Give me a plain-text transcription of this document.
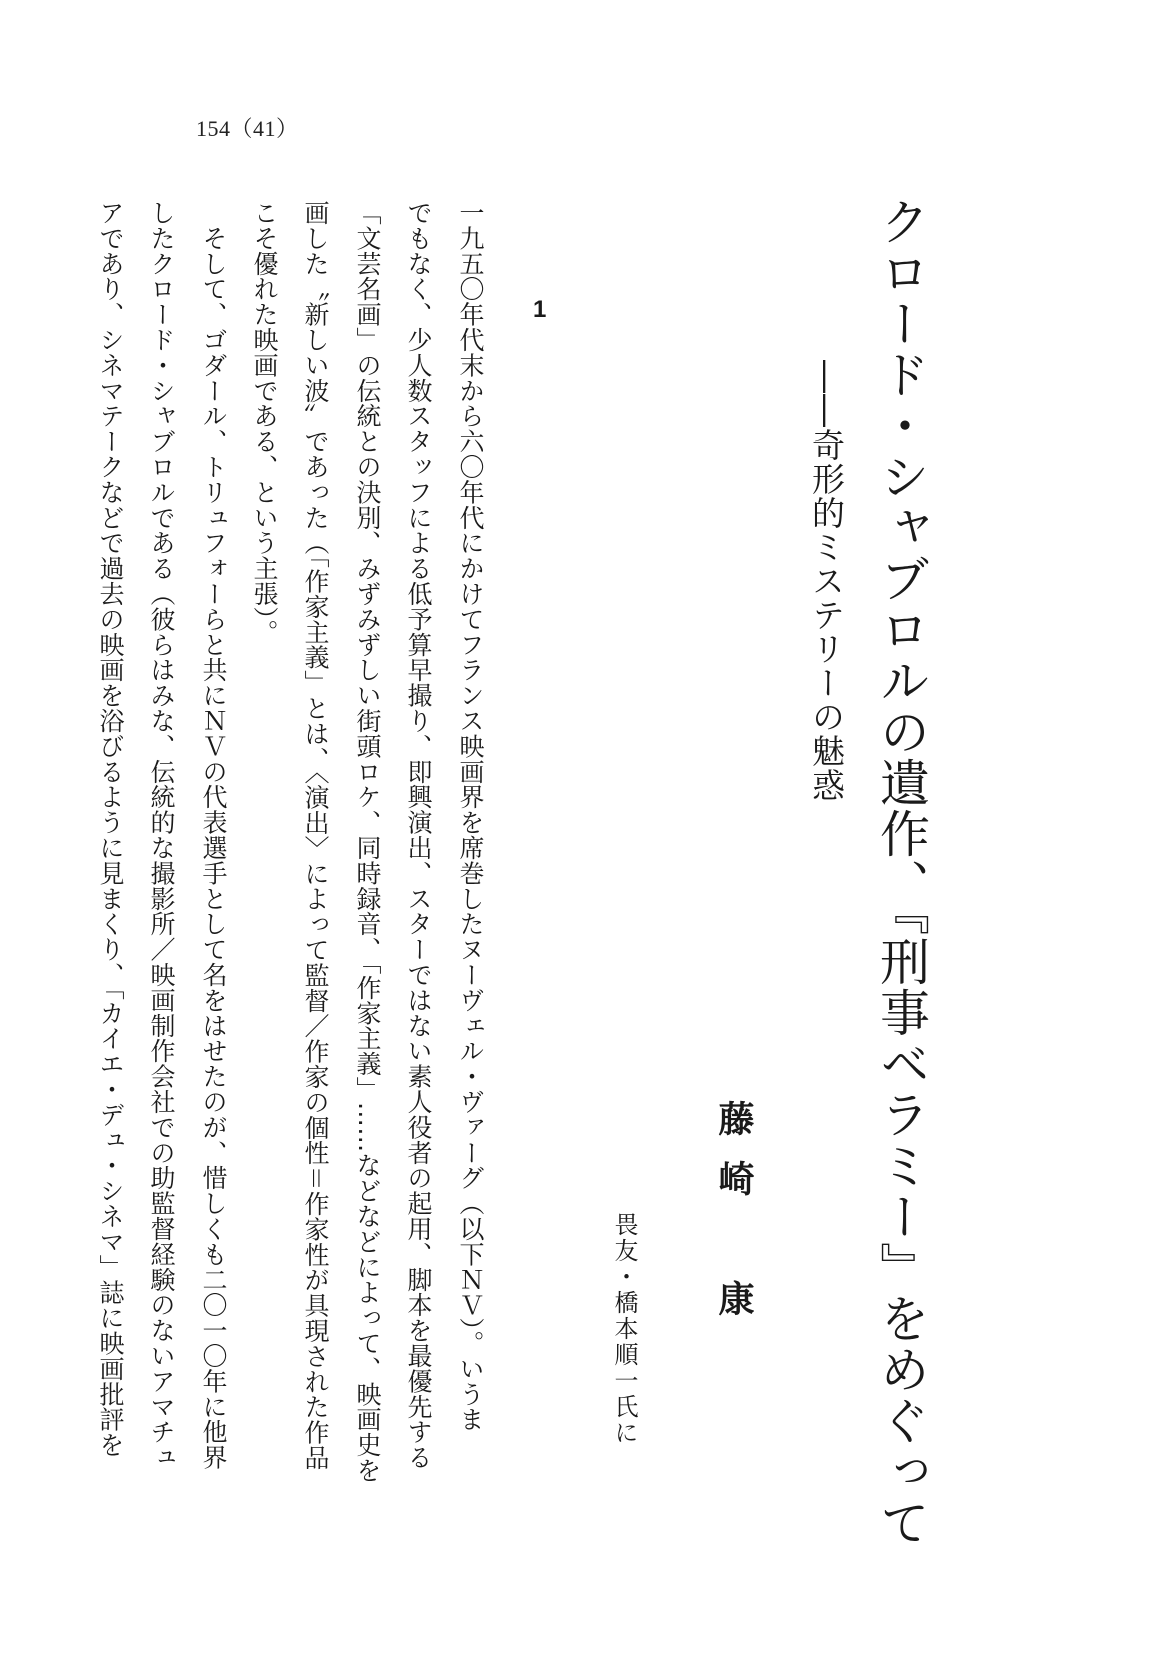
154（41）
クロード・シャブロルの遺作、『刑事ベラミー』をめぐって
――奇形的ミステリーの魅惑
藤崎　康
畏友・橋本順一氏に
1
一九五〇年代末から六〇年代にかけてフランス映画界を席巻したヌーヴェル・ヴァーグ（以下ＮＶ）。いうま
でもなく、少人数スタッフによる低予算早撮り、即興演出、スターではない素人役者の起用、脚本を最優先する
「文芸名画」の伝統との決別、みずみずしい街頭ロケ、同時録音、「作家主義」……などなどによって、映画史を
画した〝新しい波〟であった（「作家主義」とは、〈演出〉によって監督／作家の個性＝作家性が具現された作品
こそ優れた映画である、という主張）。
　そして、ゴダール、トリュフォーらと共にＮＶの代表選手として名をはせたのが、惜しくも二〇一〇年に他界
したクロード・シャブロルである（彼らはみな、伝統的な撮影所／映画制作会社での助監督経験のないアマチュ
アであり、シネマテークなどで過去の映画を浴びるように見まくり、「カイエ・デュ・シネマ」誌に映画批評を
